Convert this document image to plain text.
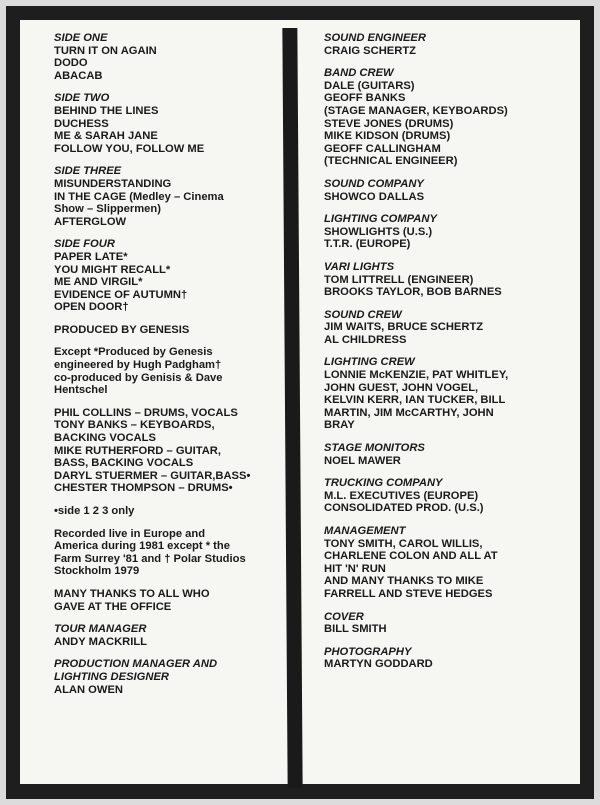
SIDE ONE
TURN IT ON AGAIN
DODO
ABACAB
SIDE TWO
BEHIND THE LINES
DUCHESS
ME & SARAH JANE
FOLLOW YOU, FOLLOW ME
SIDE THREE
MISUNDERSTANDING
IN THE CAGE (Medley – Cinema
Show – Slippermen)
AFTERGLOW
SIDE FOUR
PAPER LATE*
YOU MIGHT RECALL*
ME AND VIRGIL*
EVIDENCE OF AUTUMN†
OPEN DOOR†
PRODUCED BY GENESIS
Except *Produced by Genesis
engineered by Hugh Padgham†
co-produced by Genisis & Dave
Hentschel
PHIL COLLINS – DRUMS, VOCALS
TONY BANKS – KEYBOARDS,
BACKING VOCALS
MIKE RUTHERFORD – GUITAR,
BASS, BACKING VOCALS
DARYL STUERMER – GUITAR,BASS•
CHESTER THOMPSON – DRUMS•
•side 1 2 3 only
Recorded live in Europe and
America during 1981 except * the
Farm Surrey '81 and † Polar Studios
Stockholm 1979
MANY THANKS TO ALL WHO
GAVE AT THE OFFICE
TOUR MANAGER
ANDY MACKRILL
PRODUCTION MANAGER AND
LIGHTING DESIGNER
ALAN OWEN
SOUND ENGINEER
CRAIG SCHERTZ
BAND CREW
DALE (GUITARS)
GEOFF BANKS
(STAGE MANAGER, KEYBOARDS)
STEVE JONES (DRUMS)
MIKE KIDSON (DRUMS)
GEOFF CALLINGHAM
(TECHNICAL ENGINEER)
SOUND COMPANY
SHOWCO DALLAS
LIGHTING COMPANY
SHOWLIGHTS (U.S.)
T.T.R. (EUROPE)
VARI LIGHTS
TOM LITTRELL (ENGINEER)
BROOKS TAYLOR, BOB BARNES
SOUND CREW
JIM WAITS, BRUCE SCHERTZ
AL CHILDRESS
LIGHTING CREW
LONNIE McKENZIE, PAT WHITLEY,
JOHN GUEST, JOHN VOGEL,
KELVIN KERR, IAN TUCKER, BILL
MARTIN, JIM McCARTHY, JOHN
BRAY
STAGE MONITORS
NOEL MAWER
TRUCKING COMPANY
M.L. EXECUTIVES (EUROPE)
CONSOLIDATED PROD. (U.S.)
MANAGEMENT
TONY SMITH, CAROL WILLIS,
CHARLENE COLON AND ALL AT
HIT 'N' RUN
AND MANY THANKS TO MIKE
FARRELL AND STEVE HEDGES
COVER
BILL SMITH
PHOTOGRAPHY
MARTYN GODDARD
